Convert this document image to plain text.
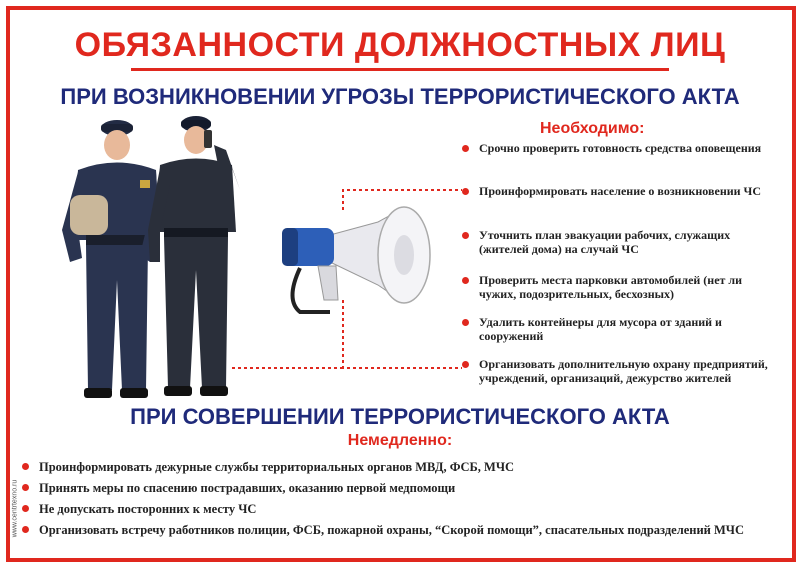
ОБЯЗАННОСТИ ДОЛЖНОСТНЫХ ЛИЦ
ПРИ ВОЗНИКНОВЕНИИ УГРОЗЫ ТЕРРОРИСТИЧЕСКОГО АКТА
Необходимо:
Срочно проверить готовность средства оповещения
Проинформировать население о возникновении ЧС
Уточнить план эвакуации рабочих, служащих (жителей дома) на случай ЧС
Проверить места парковки автомобилей (нет ли чужих, подозрительных, бесхозных)
Удалить контейнеры для мусора от зданий и сооружений
Организовать дополнительную охрану предприятий, учреждений, организаций, дежурство жителей
ПРИ СОВЕРШЕНИИ ТЕРРОРИСТИЧЕСКОГО АКТА
Немедленно:
Проинформировать дежурные службы территориальных органов МВД, ФСБ, МЧС
Принять меры по спасению пострадавших, оказанию первой медпомощи
Не допускать посторонних к месту ЧС
Организовать встречу работников полиции, ФСБ, пожарной охраны, “Скорой помощи”, спасательных подразделений МЧС
www.centrtexno.ru
